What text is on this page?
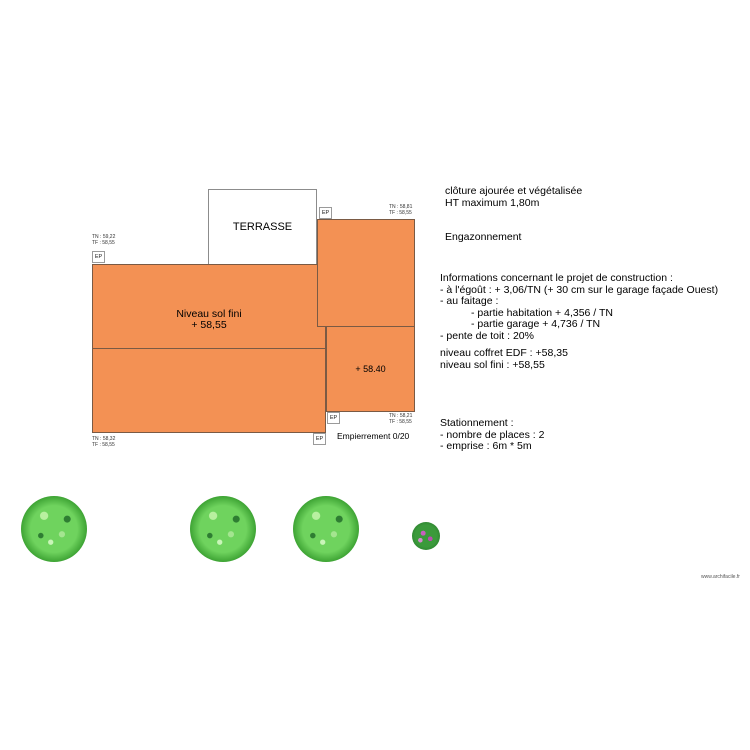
TERRASSE
+ 58.40
Niveau sol fini
+ 58,55
EP
EP
EP
EP
TN : 59,22
TF : 58,55
TN : 58,81
TF : 58,55
TN : 58,32
TF : 58,55
TN : 58,21
TF : 58,55
Empierrement 0/20
clôture ajourée et végétalisée
HT maximum 1,80m
Engazonnement
Informations concernant le projet de construction :
- à l'égoût : + 3,06/TN (+ 30 cm sur le garage façade Ouest)
- au faitage :
- partie habitation + 4,356 / TN
- partie garage + 4,736 / TN
- pente de toit : 20%
niveau coffret EDF : +58,35
niveau sol fini : +58,55
Stationnement :
- nombre de places : 2
- emprise : 6m * 5m
www.archifacile.fr
